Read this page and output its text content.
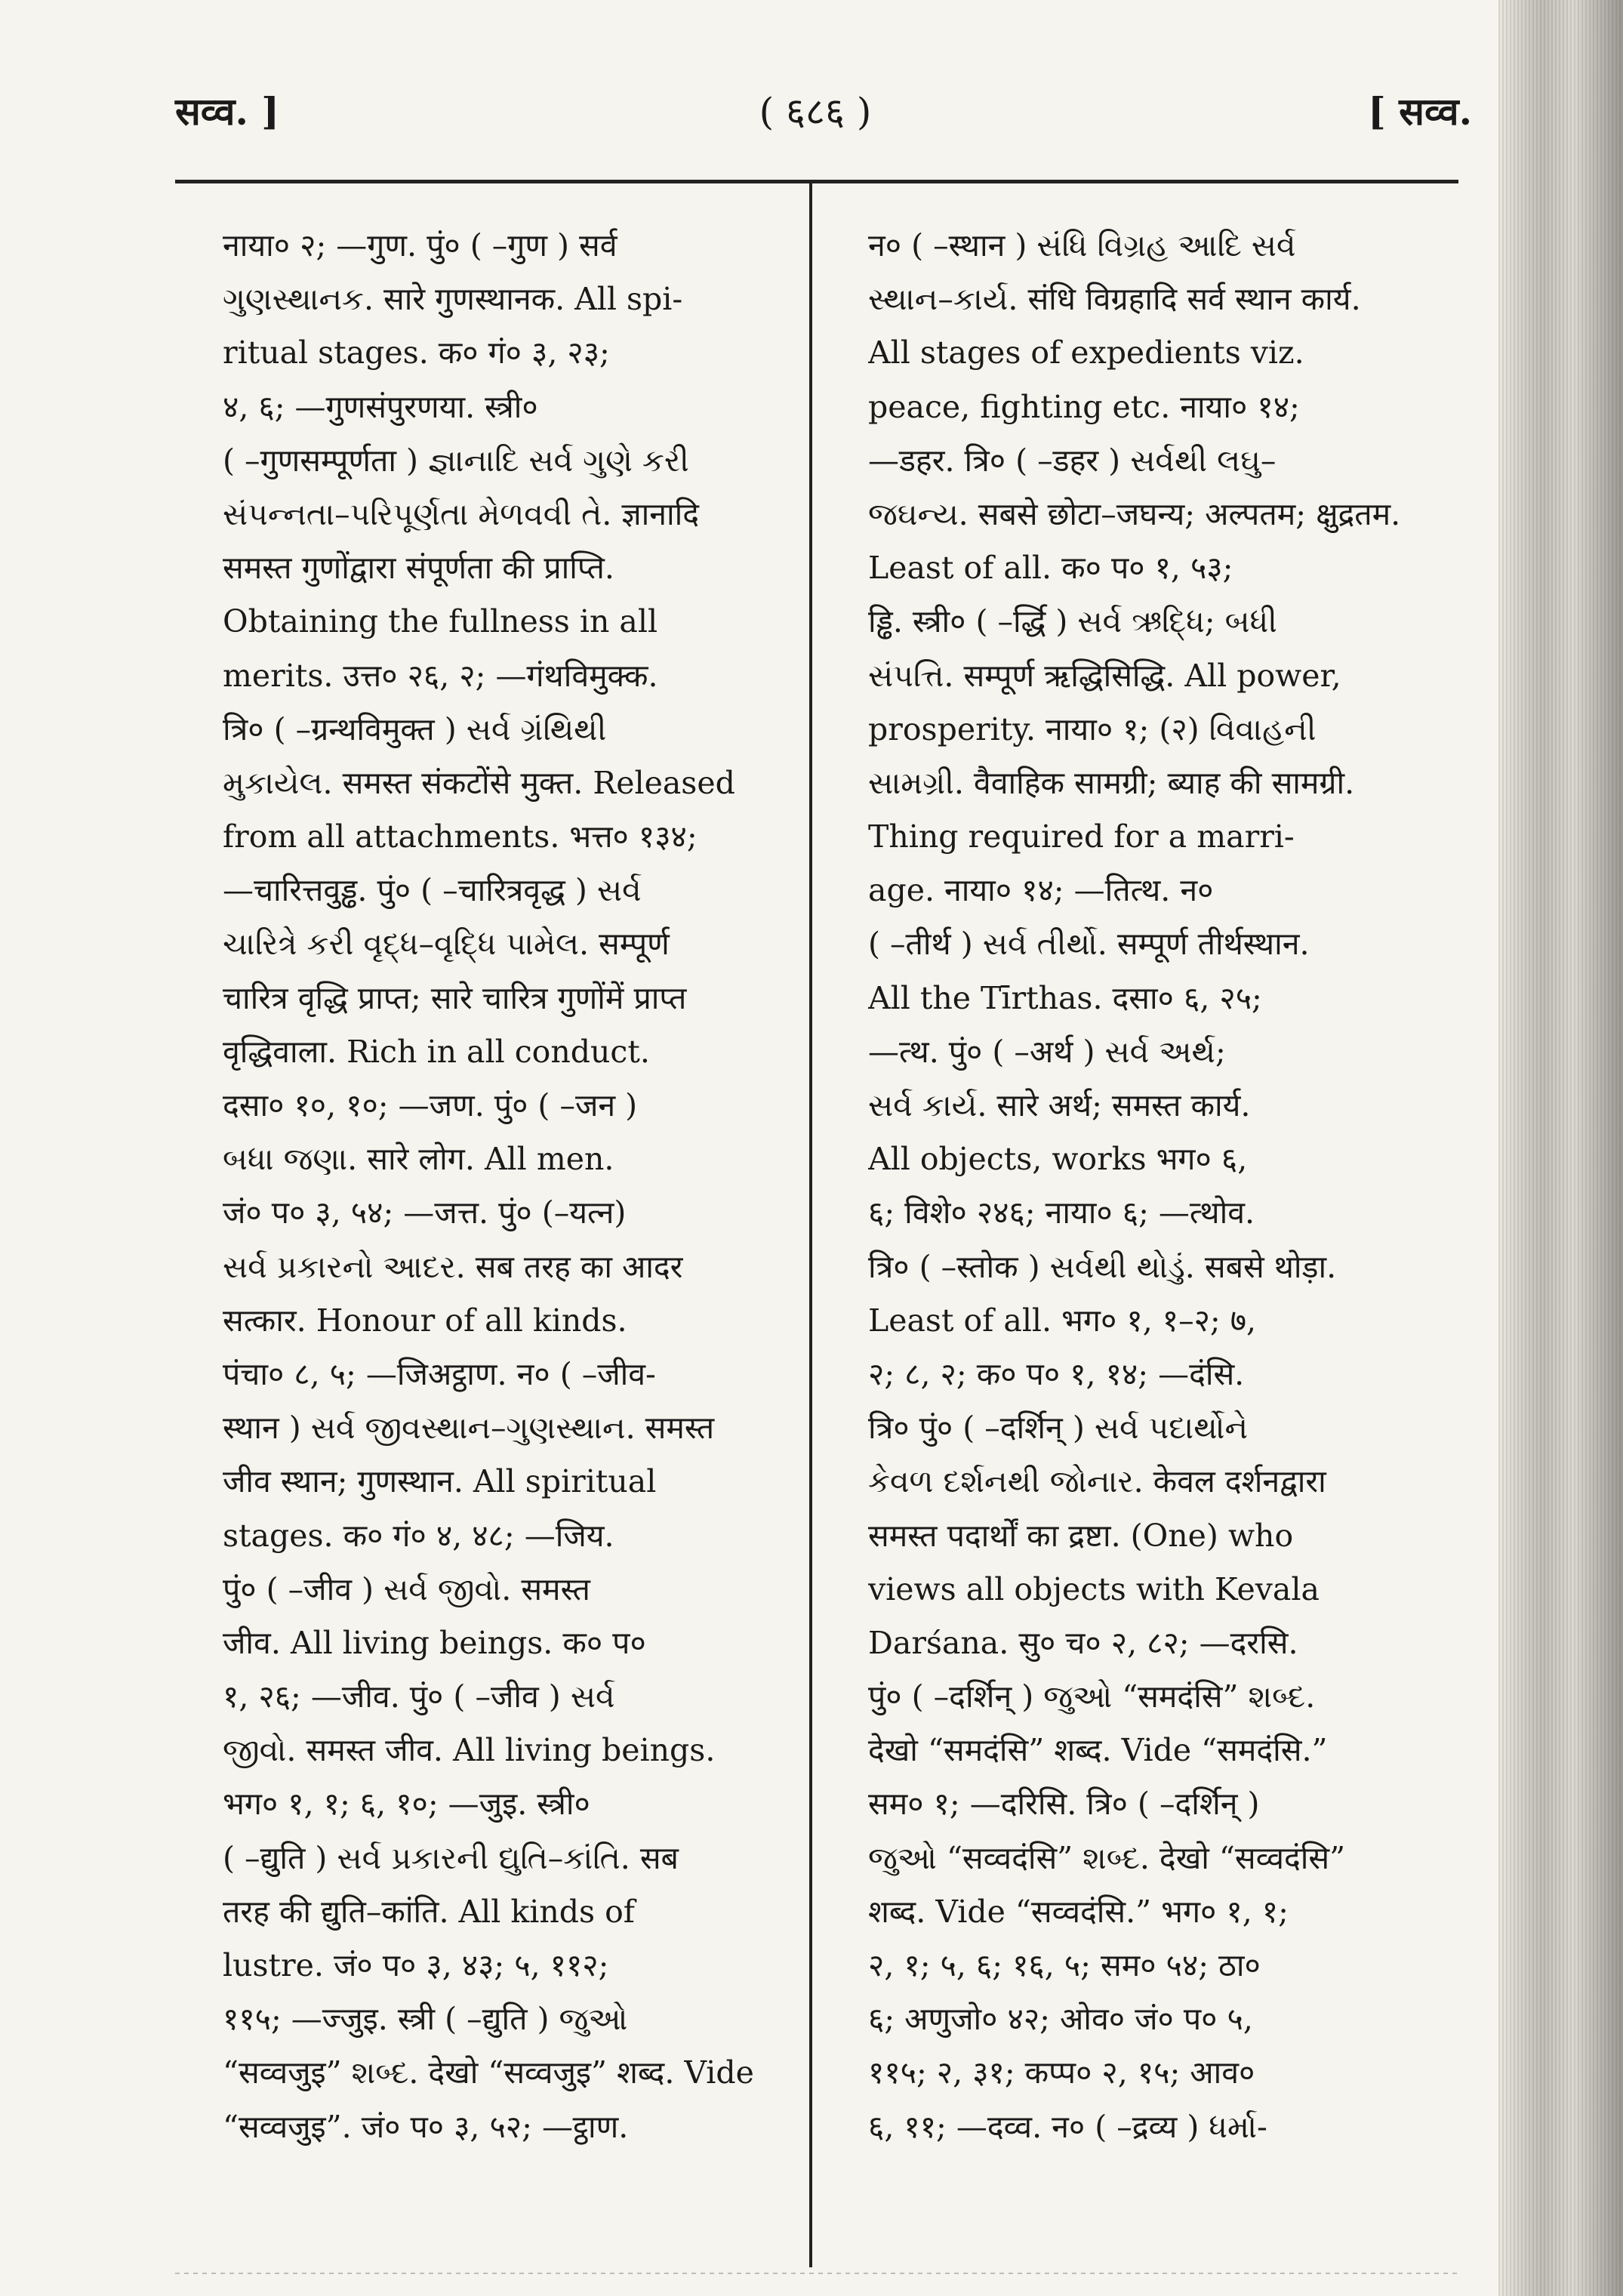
सव्व. ]	( ६८६ )	[ सव्व.
नाया० २; —गुण. पुं० ( –गुण ) सर्व
ગુણસ્થાનક. सारे गुणस्थानक. All spi-
ritual stages. क० गं० ३, २३;
४, ६; —गुणसंपुरणया. स्त्री०
( –गुणसम्पूर्णता ) જ્ઞાનાદિ સર્વ ગુણે કરી
સંપન્નતા–પરિપૂર્ણતા મેળવવી તે. ज्ञानादि
समस्त गुणोंद्वारा संपूर्णता की प्राप्ति.
Obtaining the fullness in all
merits. उत्त० २६, २; —गंथविमुक्क.
त्रि० ( –ग्रन्थविमुक्त ) સર્વ ગ્રંથિથી
મુકાયેલ. समस्त संकटोंसे मुक्त. Released
from all attachments. भत्त० १३४;
—चारित्तवुड्ढ. पुं० ( –चारित्रवृद्ध ) સર્વ
ચારિત્રે કરી વૃદ્ધ–વૃદ્ધિ પામેલ. सम्पूर्ण
चारित्र वृद्धि प्राप्त; सारे चारित्र गुणोंमें प्राप्त
वृद्धिवाला. Rich in all conduct.
दसा० १०, १०; —जण. पुं० ( –जन )
બધા જણા. सारे लोग. All men.
जं० प० ३, ५४; —जत्त. पुं० (–यत्न)
સર્વ પ્રકારનો આદર. सब तरह का आदर
सत्कार. Honour of all kinds.
पंचा० ८, ५; —जिअट्ठाण. न० ( –जीव-
स्थान ) સર્વ જીવસ્થાન–ગુણસ્થાન. समस्त
जीव स्थान; गुणस्थान. All spiritual
stages. क० गं० ४, ४८; —जिय.
पुं० ( –जीव ) સર્વ જીવો. समस्त
जीव. All living beings. क० प०
१, २६; —जीव. पुं० ( –जीव ) સર્વ
જીવો. समस्त जीव. All living beings.
भग० १, १; ६, १०; —जुइ. स्त्री०
( –द्युति ) સર્વ પ્રકારની દ્યુતિ–કાંતિ. सब
तरह की द्युति–कांति. All kinds of
lustre. जं० प० ३, ४३; ५, ११२;
११५; —ज्जुइ. स्त्री ( –द्युति ) જુઓ
“सव्वजुइ” શબ્દ. देखो “सव्वजुइ” शब्द. Vide
“सव्वजुइ”. जं० प० ३, ५२; —ट्ठाण.
न० ( –स्थान ) સંધિ વિગ્રહ આદિ સર્વ
સ્થાન–કાર્ય. संधि विग्रहादि सर्व स्थान कार्य.
All stages of expedients viz.
peace, fighting etc. नाया० १४;
—डहर. त्रि० ( –डहर ) સર્વથી લઘુ–
જઘન્ય. सबसे छोटा–जघन्य; अल्पतम; क्षुद्रतम.
Least of all. क० प० १, ५३;
ड्ढि. स्त्री० ( –र्द्धि ) સર્વ ઋદ્ધિ; બધી
સંપત્તિ. सम्पूर्ण ऋद्धिसिद्धि. All power,
prosperity. नाया० १; (२) વિવાહની
સામગ્રી. वैवाहिक सामग्री; ब्याह की सामग्री.
Thing required for a marri-
age. नाया० १४; —तित्थ. न०
( –तीर्थ ) સર્વ તીર્થો. सम्पूर्ण तीर्थस्थान.
All the Tīrthas. दसा० ६, २५;
—त्थ. पुं० ( –अर्थ ) સર્વ અર્થ;
સર્વ કાર્ય. सारे अर्थ; समस्त कार्य.
All objects, works भग० ६,
६; विशे० २४६; नाया० ६; —त्थोव.
त्रि० ( –स्तोक ) સર્વથી થોડું. सबसे थोड़ा.
Least of all. भग० १, १–२; ७,
२; ८, २; क० प० १, १४; —दंसि.
त्रि० पुं० ( –दर्शिन् ) સર્વ પદાર્થોને
કેવળ દર્શનથી જોનાર. केवल दर्शनद्वारा
समस्त पदार्थों का द्रष्टा. (One) who
views all objects with Kevala
Darśana. सु० च० २, ८२; —दरसि.
पुं० ( –दर्शिन् ) જુઓ “समदंसि” શબ્દ.
देखो “समदंसि” शब्द. Vide “समदंसि.”
सम० १; —दरिसि. त्रि० ( –दर्शिन् )
જુઓ “सव्वदंसि” શબ્દ. देखो “सव्वदंसि”
शब्द. Vide “सव्वदंसि.” भग० १, १;
२, १; ५, ६; १६, ५; सम० ५४; ठा०
६; अणुजो० ४२; ओव० जं० प० ५,
११५; २, ३१; कप्प० २, १५; आव०
६, ११; —दव्व. न० ( –द्रव्य ) ધર્મા-
